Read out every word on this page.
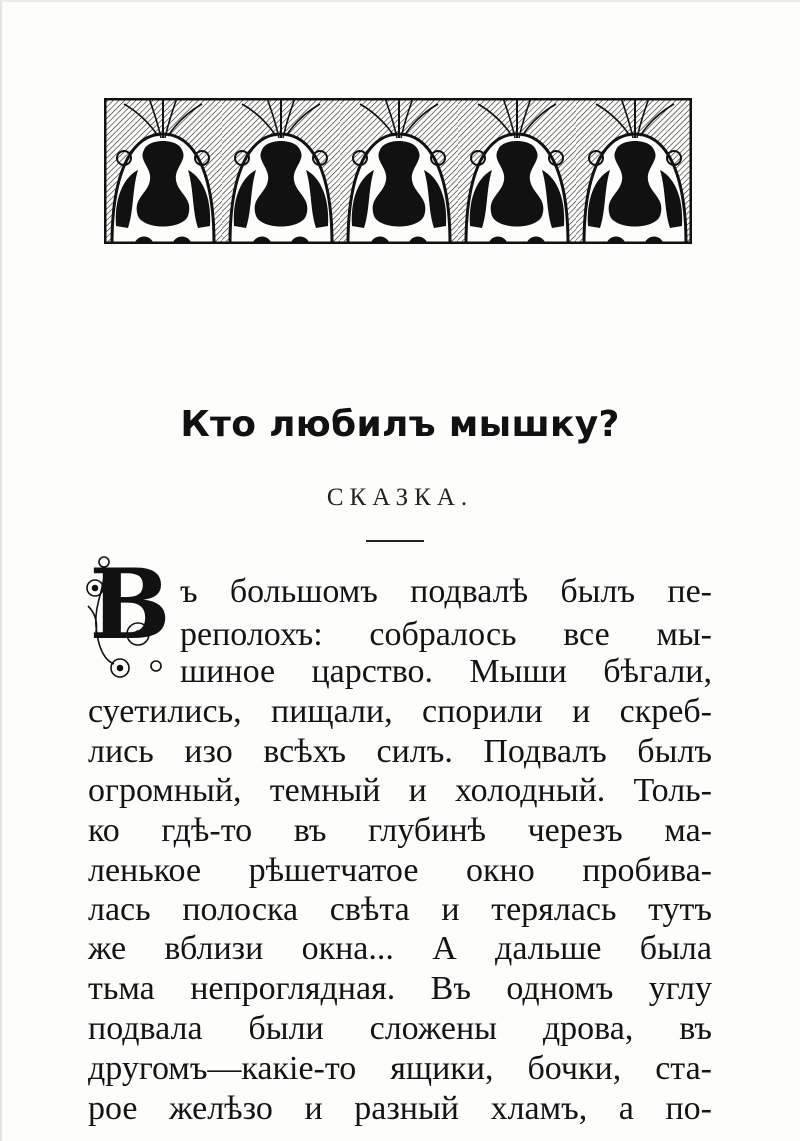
Кто любилъ мышку?
СКАЗКА.
В ъ большомъ подвалѣ былъ пе-
реполохъ: собралось все мы-
шиное царство. Мыши бѣгали,
суетились, пищали, спорили и скреб-
лись изо всѣхъ силъ. Подвалъ былъ
огромный, темный и холодный. Толь-
ко гдѣ-то въ глубинѣ черезъ ма-
ленькое рѣшетчатое окно пробива-
лась полоска свѣта и терялась тутъ
же вблизи окна... А дальше была
тьма непроглядная. Въ одномъ углу
подвала были сложены дрова, въ
другомъ—какіе-то ящики, бочки, ста-
рое желѣзо и разный хламъ, а по-
